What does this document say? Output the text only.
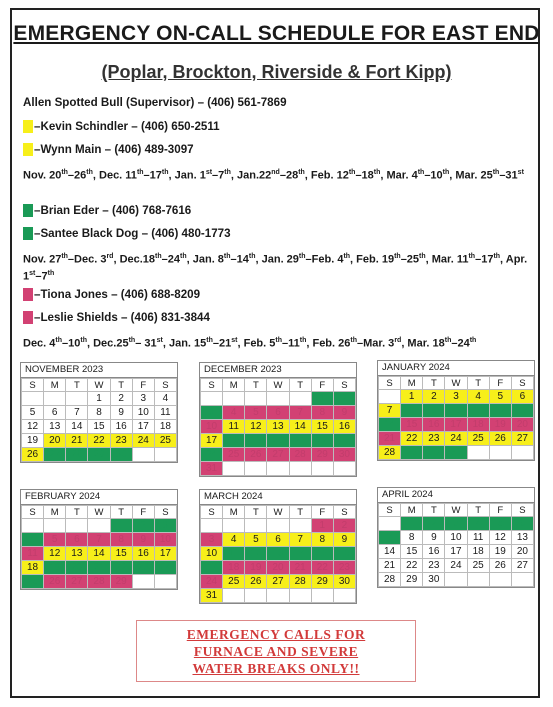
EMERGENCY ON-CALL SCHEDULE FOR EAST END
(Poplar, Brockton, Riverside & Fort Kipp)
Allen Spotted Bull (Supervisor) – (406) 561-7869
–Kevin Schindler – (406) 650-2511
–Wynn Main – (406) 489-3097
Nov. 20th–26th, Dec. 11th–17th, Jan. 1st–7th, Jan.22nd–28th, Feb. 12th–18th, Mar. 4th–10th, Mar. 25th–31st
–Brian Eder – (406) 768-7616
–Santee Black Dog – (406) 480-1773
Nov. 27th–Dec. 3rd, Dec.18th–24th, Jan. 8th–14th, Jan. 29th–Feb. 4th, Feb. 19th–25th, Mar. 11th–17th, Apr. 1st–7th
–Tiona Jones – (406) 688-8209
–Leslie Shields – (406) 831-3844
Dec. 4th–10th, Dec.25th– 31st, Jan. 15th–21st, Feb. 5th–11th, Feb. 26th–Mar. 3rd, Mar. 18th–24th
NOVEMBER 2023
S	M	T	W	T	F	S
			1	2	3	4
5	6	7	8	9	10	11
12	13	14	15	16	17	18
19	20	21	22	23	24	25
26	27	28	29	30		
DECEMBER 2023
S	M	T	W	T	F	S
					1	2
3	4	5	6	7	8	9
10	11	12	13	14	15	16
17	18	19	20	21	22	23
24	25	26	27	28	29	30
31						
JANUARY 2024
S	M	T	W	T	F	S
	1	2	3	4	5	6
7	8	9	10	11	12	13
14	15	16	17	18	19	20
21	22	23	24	25	26	27
28	29	30	31			
FEBRUARY 2024
S	M	T	W	T	F	S
				1	2	3
4	5	6	7	8	9	10
11	12	13	14	15	16	17
18	19	20	21	22	23	24
25	26	27	28	29		
MARCH 2024
S	M	T	W	T	F	S
					1	2
3	4	5	6	7	8	9
10	11	12	13	14	15	16
17	18	19	20	21	22	23
24	25	26	27	28	29	30
31						
APRIL 2024
S	M	T	W	T	F	S
	1	2	3	4	5	6
7	8	9	10	11	12	13
14	15	16	17	18	19	20
21	22	23	24	25	26	27
28	29	30				
EMERGENCY CALLS FOR
FURNACE AND SEVERE
WATER BREAKS ONLY!!
